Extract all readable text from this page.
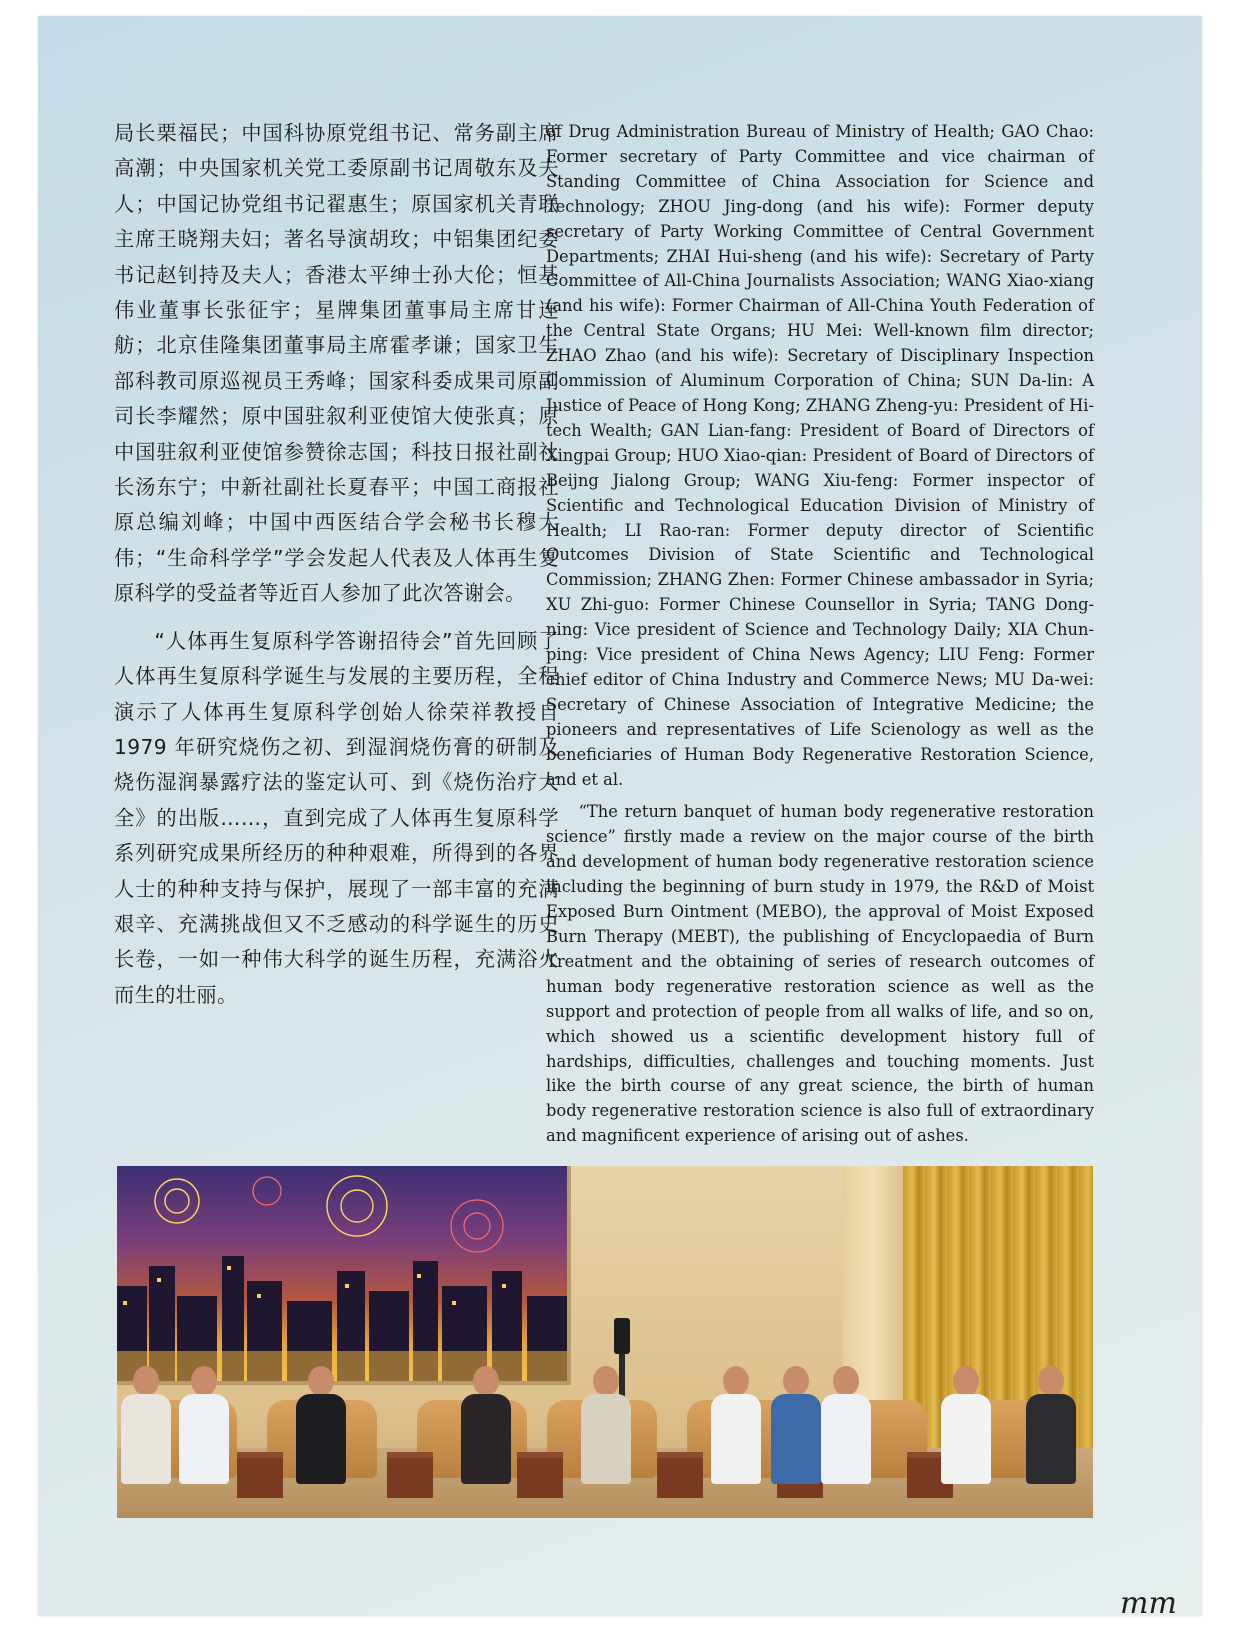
局长栗福民；中国科协原党组书记、常务副主席高潮；中央国家机关党工委原副书记周敬东及夫人；中国记协党组书记翟惠生；原国家机关青联主席王晓翔夫妇；著名导演胡玫；中铝集团纪委书记赵钊持及夫人；香港太平绅士孙大伦；恒基伟业董事长张征宇；星牌集团董事局主席甘连舫；北京佳隆集团董事局主席霍孝谦；国家卫生部科教司原巡视员王秀峰；国家科委成果司原副司长李耀然；原中国驻叙利亚使馆大使张真；原中国驻叙利亚使馆参赞徐志国；科技日报社副社长汤东宁；中新社副社长夏春平；中国工商报社原总编刘峰；中国中西医结合学会秘书长穆大伟；“生命科学学”学会发起人代表及人体再生复原科学的受益者等近百人参加了此次答谢会。

“人体再生复原科学答谢招待会”首先回顾了人体再生复原科学诞生与发展的主要历程，全程演示了人体再生复原科学创始人徐荣祥教授自 1979 年研究烧伤之初、到湿润烧伤膏的研制及烧伤湿润暴露疗法的鉴定认可、到《烧伤治疗大全》的出版……，直到完成了人体再生复原科学系列研究成果所经历的种种艰难，所得到的各界人士的种种支持与保护，展现了一部丰富的充满艰辛、充满挑战但又不乏感动的科学诞生的历史长卷，一如一种伟大科学的诞生历程，充满浴火而生的壮丽。

of Drug Administration Bureau of Ministry of Health; GAO Chao: Former secretary of Party Committee and vice chairman of Standing Committee of China Association for Science and Technology; ZHOU Jing-dong (and his wife): Former deputy secretary of Party Working Committee of Central Government Departments; ZHAI Hui-sheng (and his wife): Secretary of Party Committee of All-China Journalists Association; WANG Xiao-xiang (and his wife): Former Chairman of All-China Youth Federation of the Central State Organs; HU Mei: Well-known film director; ZHAO Zhao (and his wife): Secretary of Disciplinary Inspection Commission of Aluminum Corporation of China; SUN Da-lin: A Justice of Peace of Hong Kong; ZHANG Zheng-yu: President of Hi-tech Wealth; GAN Lian-fang: President of Board of Directors of Xingpai Group; HUO Xiao-qian: President of Board of Directors of Beijng Jialong Group; WANG Xiu-feng: Former inspector of Scientific and Technological Education Division of Ministry of Health; LI Rao-ran: Former deputy director of Scientific Outcomes Division of State Scientific and Technological Commission; ZHANG Zhen: Former Chinese ambassador in Syria; XU Zhi-guo: Former Chinese Counsellor in Syria; TANG Dong-ning: Vice president of Science and Technology Daily; XIA Chun-ping: Vice president of China News Agency; LIU Feng: Former chief editor of China Industry and Commerce News; MU Da-wei: Secretary of Chinese Association of Integrative Medicine; the pioneers and representatives of Life Scienology as well as the beneficiaries of Human Body Regenerative Restoration Science, and et al.

“The return banquet of human body regenerative restoration science” firstly made a review on the major course of the birth and development of human body regenerative restoration science including the beginning of burn study in 1979, the R&D of Moist Exposed Burn Ointment (MEBO), the approval of Moist Exposed Burn Therapy (MEBT), the publishing of Encyclopaedia of Burn Treatment and the obtaining of series of research outcomes of human body regenerative restoration science as well as the support and protection of people from all walks of life, and so on, which showed us a scientific development history full of hardships, difficulties, challenges and touching moments. Just like the birth course of any great science, the birth of human body regenerative restoration science is also full of extraordinary and magnificent experience of arising out of ashes.

mm
